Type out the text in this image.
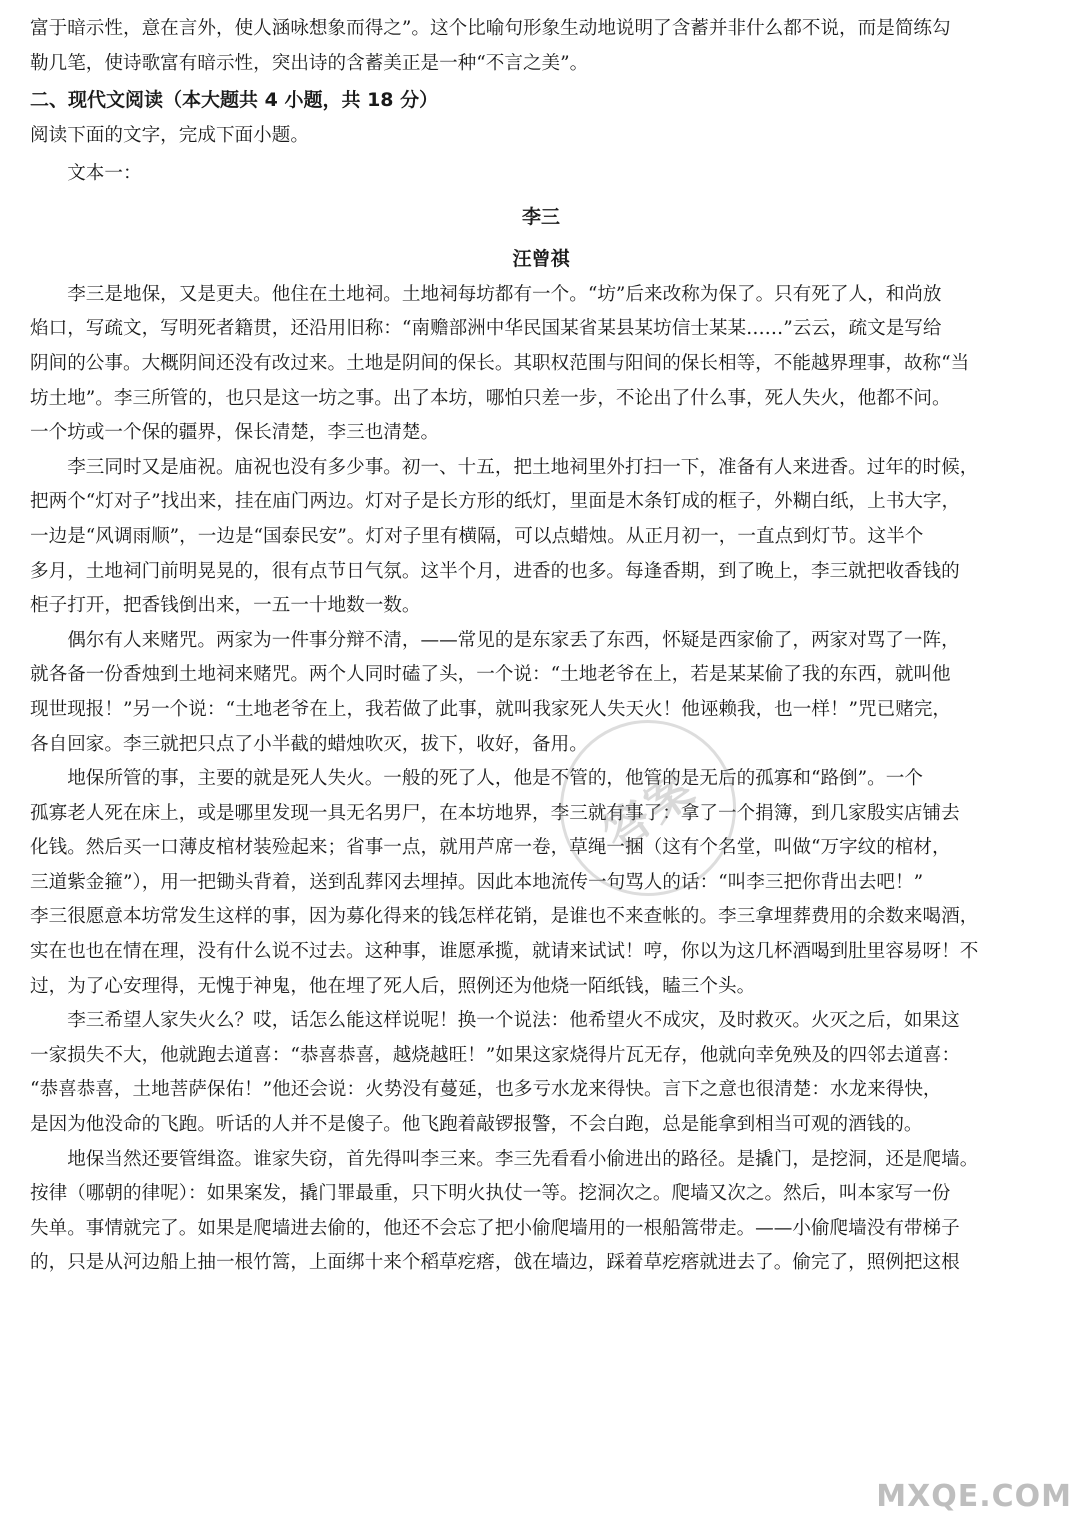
富于暗示性，意在言外，使人涵咏想象而得之”。这个比喻句形象生动地说明了含蓄并非什么都不说，而是简练勾

勒几笔，使诗歌富有暗示性，突出诗的含蓄美正是一种“不言之美”。

二、现代文阅读（本大题共 4 小题，共 18 分）

阅读下面的文字，完成下面小题。

文本一：

李三

汪曾祺

李三是地保，又是更夫。他住在土地祠。土地祠每坊都有一个。“坊”后来改称为保了。只有死了人，和尚放

焰口，写疏文，写明死者籍贯，还沿用旧称：“南赡部洲中华民国某省某县某坊信士某某……”云云，疏文是写给

阴间的公事。大概阴间还没有改过来。土地是阴间的保长。其职权范围与阳间的保长相等，不能越界理事，故称“当

坊土地”。李三所管的，也只是这一坊之事。出了本坊，哪怕只差一步，不论出了什么事，死人失火，他都不问。

一个坊或一个保的疆界，保长清楚，李三也清楚。

李三同时又是庙祝。庙祝也没有多少事。初一、十五，把土地祠里外打扫一下，准备有人来进香。过年的时候，

把两个“灯对子”找出来，挂在庙门两边。灯对子是长方形的纸灯，里面是木条钉成的框子，外糊白纸，上书大字，

一边是“风调雨顺”，一边是“国泰民安”。灯对子里有横隔，可以点蜡烛。从正月初一，一直点到灯节。这半个

多月，土地祠门前明晃晃的，很有点节日气氛。这半个月，进香的也多。每逢香期，到了晚上，李三就把收香钱的

柜子打开，把香钱倒出来，一五一十地数一数。

偶尔有人来赌咒。两家为一件事分辩不清，——常见的是东家丢了东西，怀疑是西家偷了，两家对骂了一阵，

就各备一份香烛到土地祠来赌咒。两个人同时磕了头，一个说：“土地老爷在上，若是某某偷了我的东西，就叫他

现世现报！”另一个说：“土地老爷在上，我若做了此事，就叫我家死人失天火！他诬赖我，也一样！”咒已赌完，

各自回家。李三就把只点了小半截的蜡烛吹灭，拔下，收好，备用。

地保所管的事，主要的就是死人失火。一般的死了人，他是不管的，他管的是无后的孤寡和“路倒”。一个

孤寡老人死在床上，或是哪里发现一具无名男尸，在本坊地界，李三就有事了：拿了一个捐簿，到几家殷实店铺去

化钱。然后买一口薄皮棺材装殓起来；省事一点，就用芦席一卷，草绳一捆（这有个名堂，叫做“万字纹的棺材，

三道紫金箍”），用一把锄头背着，送到乱葬冈去埋掉。因此本地流传一句骂人的话：“叫李三把你背出去吧！”

李三很愿意本坊常发生这样的事，因为募化得来的钱怎样花销，是谁也不来查帐的。李三拿埋葬费用的余数来喝酒，

实在也也在情在理，没有什么说不过去。这种事，谁愿承揽，就请来试试！哼，你以为这几杯酒喝到肚里容易呀！不

过，为了心安理得，无愧于神鬼，他在埋了死人后，照例还为他烧一陌纸钱，瞌三个头。

李三希望人家失火么？哎，话怎么能这样说呢！换一个说法：他希望火不成灾，及时救灭。火灭之后，如果这

一家损失不大，他就跑去道喜：“恭喜恭喜，越烧越旺！”如果这家烧得片瓦无存，他就向幸免殃及的四邻去道喜：

“恭喜恭喜，土地菩萨保佑！”他还会说：火势没有蔓延，也多亏水龙来得快。言下之意也很清楚：水龙来得快，

是因为他没命的飞跑。听话的人并不是傻子。他飞跑着敲锣报警，不会白跑，总是能拿到相当可观的酒钱的。

地保当然还要管缉盗。谁家失窃，首先得叫李三来。李三先看看小偷进出的路径。是撬门，是挖洞，还是爬墙。

按律（哪朝的律呢）：如果案发，撬门罪最重，只下明火执仗一等。挖洞次之。爬墙又次之。然后，叫本家写一份

失单。事情就完了。如果是爬墙进去偷的，他还不会忘了把小偷爬墙用的一根船篙带走。——小偷爬墙没有带梯子

的，只是从河边船上抽一根竹篙，上面绑十来个稻草疙瘩，戗在墙边，踩着草疙瘩就进去了。偷完了，照例把这根

答案
MXQE.COM
